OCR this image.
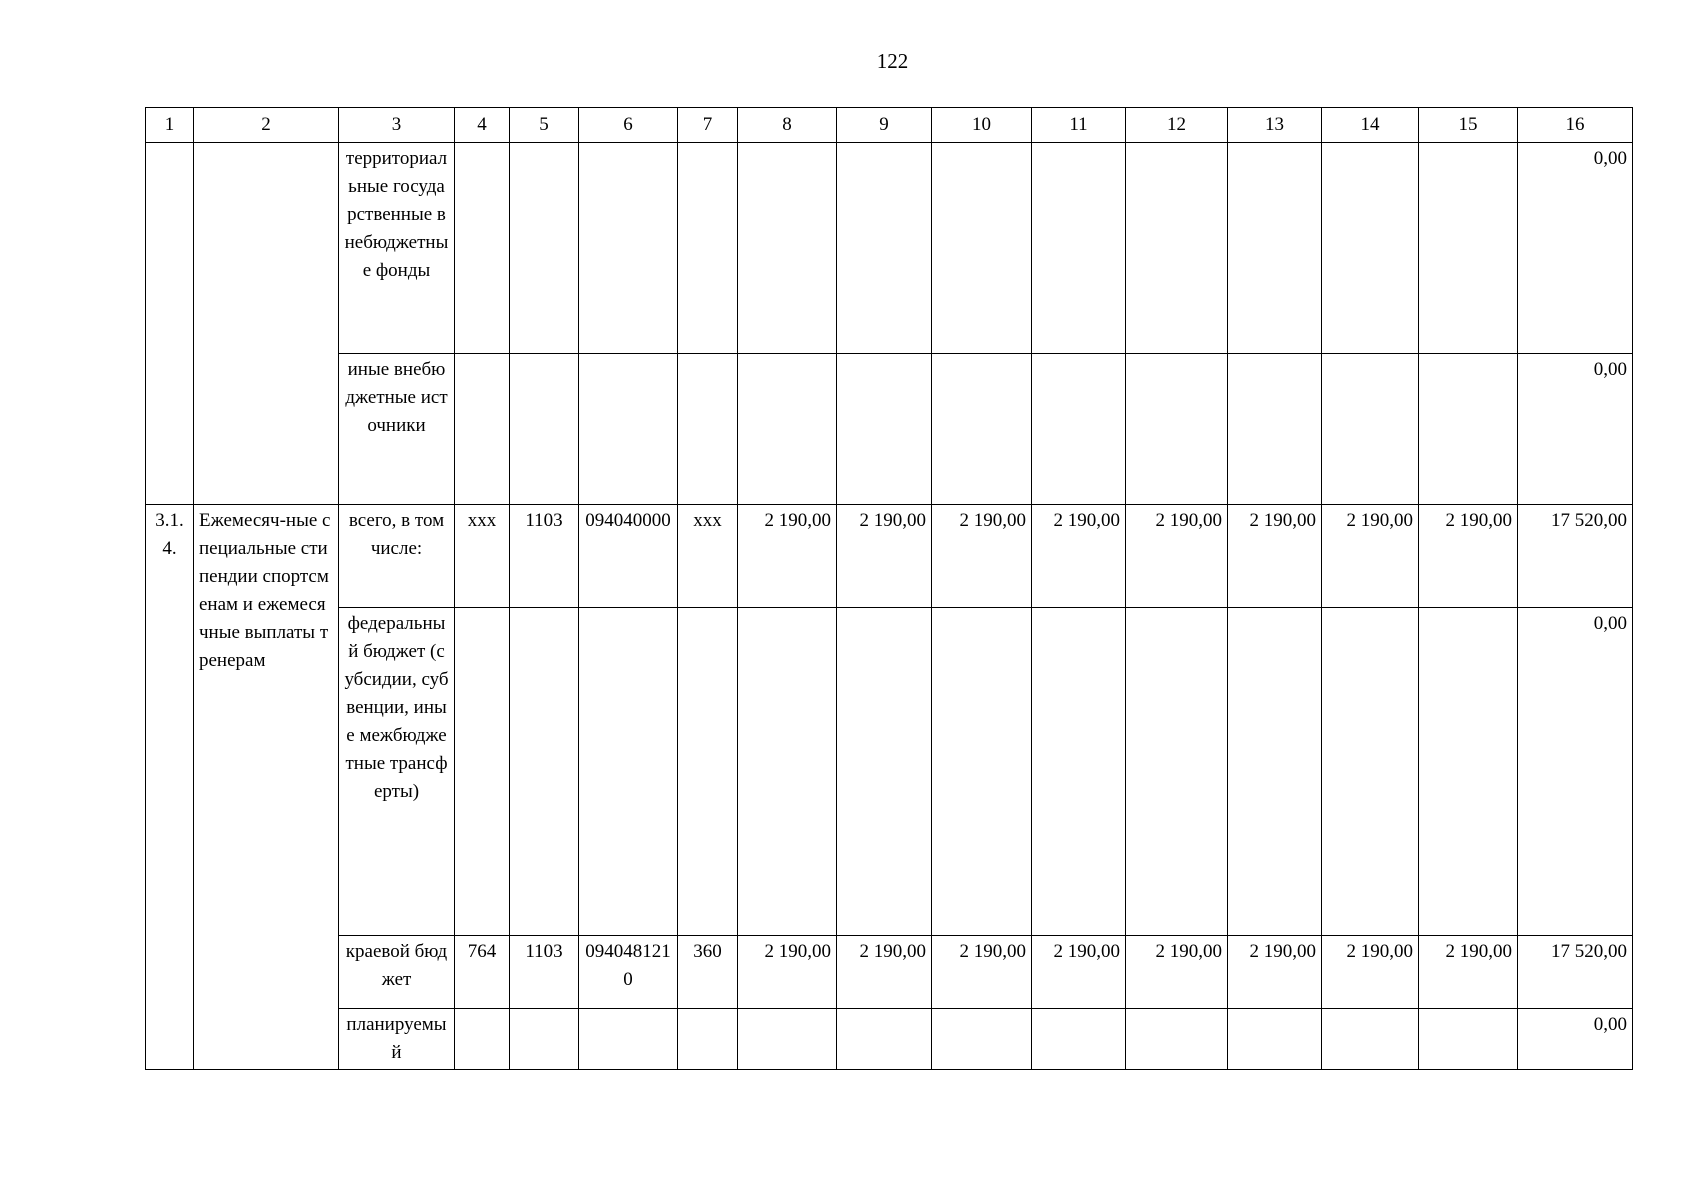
122
1	2	3	4	5	6	7	8	9	10	11	12	13	14	15	16
		территориальные государственные внебюджетные фонды													0,00
		иные внебюджетные источники													0,00
3.1.4.	Ежемесяч-ные специальные стипендии спортсменам и ежемесячные выплаты тренерам	всего, в том числе:	ххх	1103	094040000	ххх	2 190,00	2 190,00	2 190,00	2 190,00	2 190,00	2 190,00	2 190,00	2 190,00	17 520,00
		федеральный бюджет (субсидии, субвенции, иные межбюджетные трансферты)													0,00
		краевой бюджет	764	1103	0940481210	360	2 190,00	2 190,00	2 190,00	2 190,00	2 190,00	2 190,00	2 190,00	2 190,00	17 520,00
		планируемый													0,00
